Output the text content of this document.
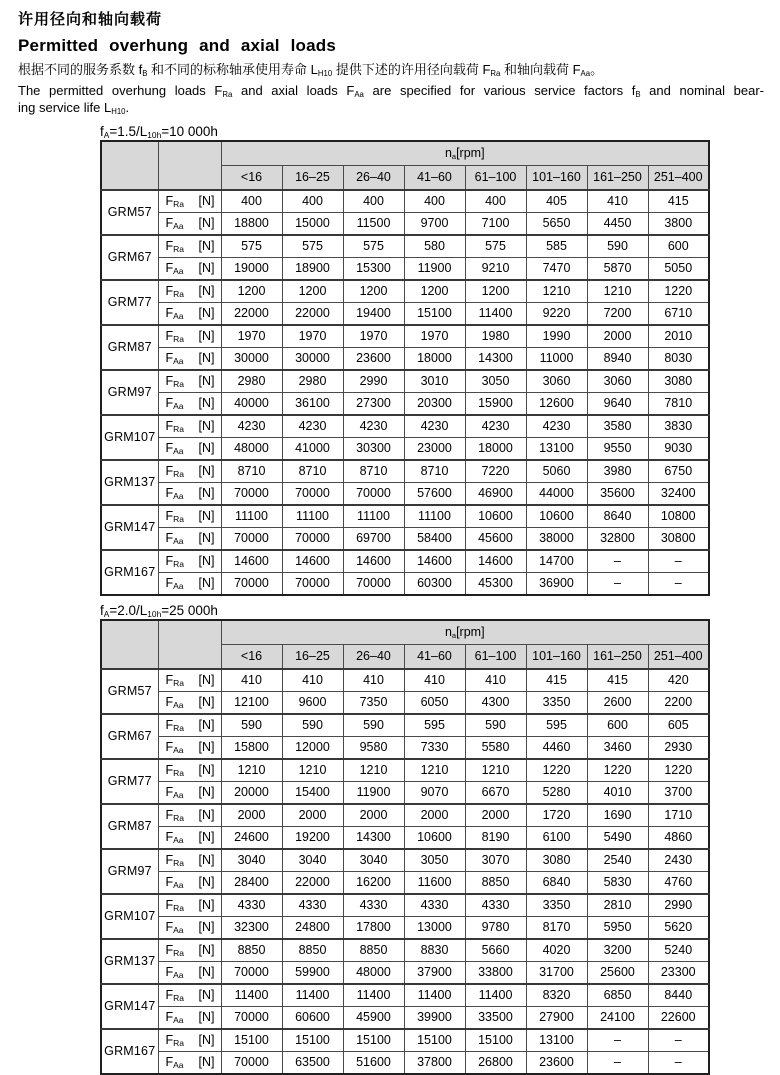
许用径向和轴向载荷
Permitted overhung and axial loads

根据不同的服务系数 $f_B$ 和不同的标称轴承使用寿命 $L_{H10}$ 提供下述的许用径向载荷 $F_{Ra}$ 和轴向载荷 $F_{Aa}$。

The permitted overhung loads $F_{Ra}$ and axial loads $F_{Aa}$ are specified for various service factors $f_B$ and nominal bear-

ing service life $L_{H10}$.

$f_A=1.5/L_{10h}=10$ 000h
		$n_a[rpm]$							
		<16	16–25	26–40	41–60	61–100	101–160	161–250	251–400
GRM57	$F_{Ra}$ [N]	400	400	400	400	400	405	410	415

	$F_{Aa}$ [N]	18800	15000	11500	9700	7100	5650	4450	3800
GRM67	$F_{Ra}$ [N]	575	575	575	580	575	585	590	600

	$F_{Aa}$ [N]	19000	18900	15300	11900	9210	7470	5870	5050
GRM77	$F_{Ra}$ [N]	1200	1200	1200	1200	1200	1210	1210	1220

	$F_{Aa}$ [N]	22000	22000	19400	15100	11400	9220	7200	6710
GRM87	$F_{Ra}$ [N]	1970	1970	1970	1970	1980	1990	2000	2010

	$F_{Aa}$ [N]	30000	30000	23600	18000	14300	11000	8940	8030
GRM97	$F_{Ra}$ [N]	2980	2980	2990	3010	3050	3060	3060	3080

	$F_{Aa}$ [N]	40000	36100	27300	20300	15900	12600	9640	7810
GRM107	$F_{Ra}$ [N]	4230	4230	4230	4230	4230	4230	3580	3830

	$F_{Aa}$ [N]	48000	41000	30300	23000	18000	13100	9550	9030
GRM137	$F_{Ra}$ [N]	8710	8710	8710	8710	7220	5060	3980	6750

	$F_{Aa}$ [N]	70000	70000	70000	57600	46900	44000	35600	32400
GRM147	$F_{Ra}$ [N]	11100	11100	11100	11100	10600	10600	8640	10800

	$F_{Aa}$ [N]	70000	70000	69700	58400	45600	38000	32800	30800
GRM167	$F_{Ra}$ [N]	14600	14600	14600	14600	14600	14700	–	–

	$F_{Aa}$ [N]	70000	70000	70000	60300	45300	36900	–	–
$f_A=2.0/L_{10h}=25$ 000h
		$n_a[rpm]$							
		<16	16–25	26–40	41–60	61–100	101–160	161–250	251–400
GRM57	$F_{Ra}$ [N]	410	410	410	410	410	415	415	420

	$F_{Aa}$ [N]	12100	9600	7350	6050	4300	3350	2600	2200
GRM67	$F_{Ra}$ [N]	590	590	590	595	590	595	600	605

	$F_{Aa}$ [N]	15800	12000	9580	7330	5580	4460	3460	2930
GRM77	$F_{Ra}$ [N]	1210	1210	1210	1210	1210	1220	1220	1220

	$F_{Aa}$ [N]	20000	15400	11900	9070	6670	5280	4010	3700
GRM87	$F_{Ra}$ [N]	2000	2000	2000	2000	2000	1720	1690	1710

	$F_{Aa}$ [N]	24600	19200	14300	10600	8190	6100	5490	4860
GRM97	$F_{Ra}$ [N]	3040	3040	3040	3050	3070	3080	2540	2430

	$F_{Aa}$ [N]	28400	22000	16200	11600	8850	6840	5830	4760
GRM107	$F_{Ra}$ [N]	4330	4330	4330	4330	4330	3350	2810	2990

	$F_{Aa}$ [N]	32300	24800	17800	13000	9780	8170	5950	5620
GRM137	$F_{Ra}$ [N]	8850	8850	8850	8830	5660	4020	3200	5240

	$F_{Aa}$ [N]	70000	59900	48000	37900	33800	31700	25600	23300
GRM147	$F_{Ra}$ [N]	11400	11400	11400	11400	11400	8320	6850	8440

	$F_{Aa}$ [N]	70000	60600	45900	39900	33500	27900	24100	22600
GRM167	$F_{Ra}$ [N]	15100	15100	15100	15100	15100	13100	–	–

	$F_{Aa}$ [N]	70000	63500	51600	37800	26800	23600	–	–
